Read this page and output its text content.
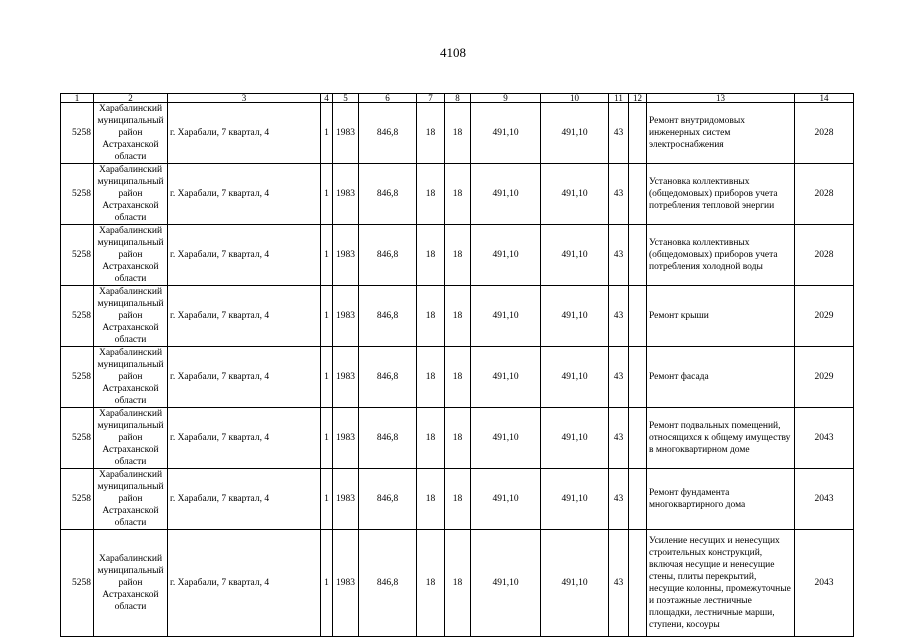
4108
1	2	3	4	5	6	7	8	9	10	11	12	13	14
5258	Харабалинский муниципальный район Астраханской области	г. Харабали, 7 квартал, 4	1	1983	846,8	18	18	491,10	491,10	43		Ремонт внутридомовых инженерных систем электроснабжения	2028
5258	Харабалинский муниципальный район Астраханской области	г. Харабали, 7 квартал, 4	1	1983	846,8	18	18	491,10	491,10	43		Установка коллективных (общедомовых) приборов учета потребления тепловой энергии	2028
5258	Харабалинский муниципальный район Астраханской области	г. Харабали, 7 квартал, 4	1	1983	846,8	18	18	491,10	491,10	43		Установка коллективных (общедомовых) приборов учета потребления холодной воды	2028
5258	Харабалинский муниципальный район Астраханской области	г. Харабали, 7 квартал, 4	1	1983	846,8	18	18	491,10	491,10	43		Ремонт крыши	2029
5258	Харабалинский муниципальный район Астраханской области	г. Харабали, 7 квартал, 4	1	1983	846,8	18	18	491,10	491,10	43		Ремонт фасада	2029
5258	Харабалинский муниципальный район Астраханской области	г. Харабали, 7 квартал, 4	1	1983	846,8	18	18	491,10	491,10	43		Ремонт подвальных помещений, относящихся к общему имуществу в многоквартирном доме	2043
5258	Харабалинский муниципальный район Астраханской области	г. Харабали, 7 квартал, 4	1	1983	846,8	18	18	491,10	491,10	43		Ремонт фундамента многоквартирного дома	2043
5258	Харабалинский муниципальный район Астраханской области	г. Харабали, 7 квартал, 4	1	1983	846,8	18	18	491,10	491,10	43		Усиление несущих и ненесущих строительных конструкций, включая несущие и ненесущие стены, плиты перекрытий, несущие колонны, промежуточные и поэтажные лестничные площадки, лестничные марши, ступени, косоуры	2043
